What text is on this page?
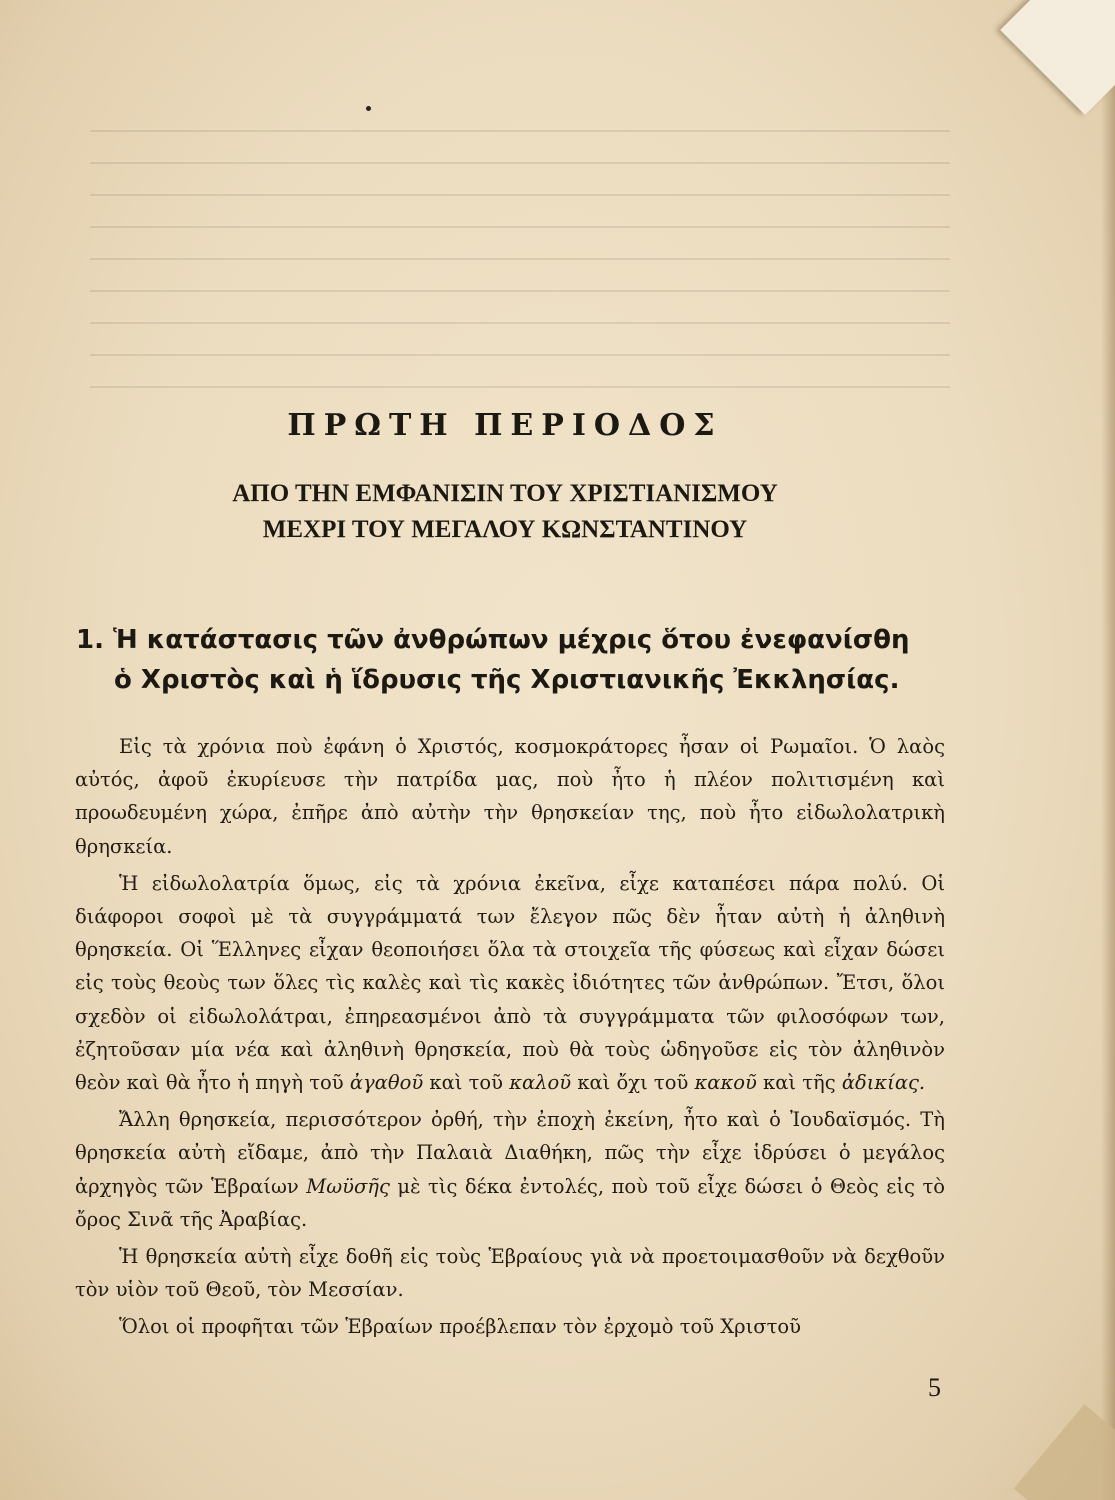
ΠΡΩΤΗ ΠΕΡΙΟΔΟΣ
ΑΠΟ ΤΗΝ ΕΜΦΑΝΙΣΙΝ ΤΟΥ ΧΡΙΣΤΙΑΝΙΣΜΟΥ
ΜΕΧΡΙ ΤΟΥ ΜΕΓΑΛΟΥ ΚΩΝΣΤΑΝΤΙΝΟΥ
1. Ἡ κατάστασις τῶν ἀνθρώπων μέχρις ὅτου ἐνεφανίσθη
ὁ Χριστὸς καὶ ἡ ἵδρυσις τῆς Χριστιανικῆς Ἐκκλησίας.

Εἰς τὰ χρόνια ποὺ ἐφάνη ὁ Χριστός, κοσμοκράτορες ἦσαν οἱ Ρωμαῖοι. Ὁ λαὸς αὐτός, ἀφοῦ ἐκυρίευσε τὴν πατρίδα μας, ποὺ ἦτο ἡ πλέον πολιτισμένη καὶ προωδευμένη χώρα, ἐπῆρε ἀπὸ αὐτὴν τὴν θρησκείαν της, ποὺ ἦτο εἰδωλολατρικὴ θρησκεία.

Ἡ εἰδωλολατρία ὅμως, εἰς τὰ χρόνια ἐκεῖνα, εἶχε καταπέσει πάρα πολύ. Οἱ διάφοροι σοφοὶ μὲ τὰ συγγράμματά των ἔλεγον πῶς δὲν ἦταν αὐτὴ ἡ ἀληθινὴ θρησκεία. Οἱ Ἕλληνες εἶχαν θεοποιήσει ὅλα τὰ στοιχεῖα τῆς φύσεως καὶ εἶχαν δώσει εἰς τοὺς θεοὺς των ὅλες τὶς καλὲς καὶ τὶς κακὲς ἰδιότητες τῶν ἀνθρώπων. Ἔτσι, ὅλοι σχεδὸν οἱ εἰδωλολάτραι, ἐπηρεασμένοι ἀπὸ τὰ συγγράμματα τῶν φιλοσόφων των, ἐζητοῦσαν μία νέα καὶ ἀληθινὴ θρησκεία, ποὺ θὰ τοὺς ὡδηγοῦσε εἰς τὸν ἀληθινὸν θεὸν καὶ θὰ ἦτο ἡ πηγὴ τοῦ ἀγαθοῦ καὶ τοῦ καλοῦ καὶ ὄχι τοῦ κακοῦ καὶ τῆς ἀδικίας.

Ἄλλη θρησκεία, περισσότερον ὀρθή, τὴν ἐποχὴ ἐκείνη, ἦτο καὶ ὁ Ἰουδαϊσμός. Τὴ θρησκεία αὐτὴ εἴδαμε, ἀπὸ τὴν Παλαιὰ Διαθήκη, πῶς τὴν εἶχε ἱδρύσει ὁ μεγάλος ἀρχηγὸς τῶν Ἑβραίων Μωϋσῆς μὲ τὶς δέκα ἐντολές, ποὺ τοῦ εἶχε δώσει ὁ Θεὸς εἰς τὸ ὄρος Σινᾶ τῆς Ἀραβίας.

Ἡ θρησκεία αὐτὴ εἶχε δοθῆ εἰς τοὺς Ἑβραίους γιὰ νὰ προετοιμασθοῦν νὰ δεχθοῦν τὸν υἱὸν τοῦ Θεοῦ, τὸν Μεσσίαν.

Ὅλοι οἱ προφῆται τῶν Ἑβραίων προέβλεπαν τὸν ἐρχομὸ τοῦ Χριστοῦ

5
